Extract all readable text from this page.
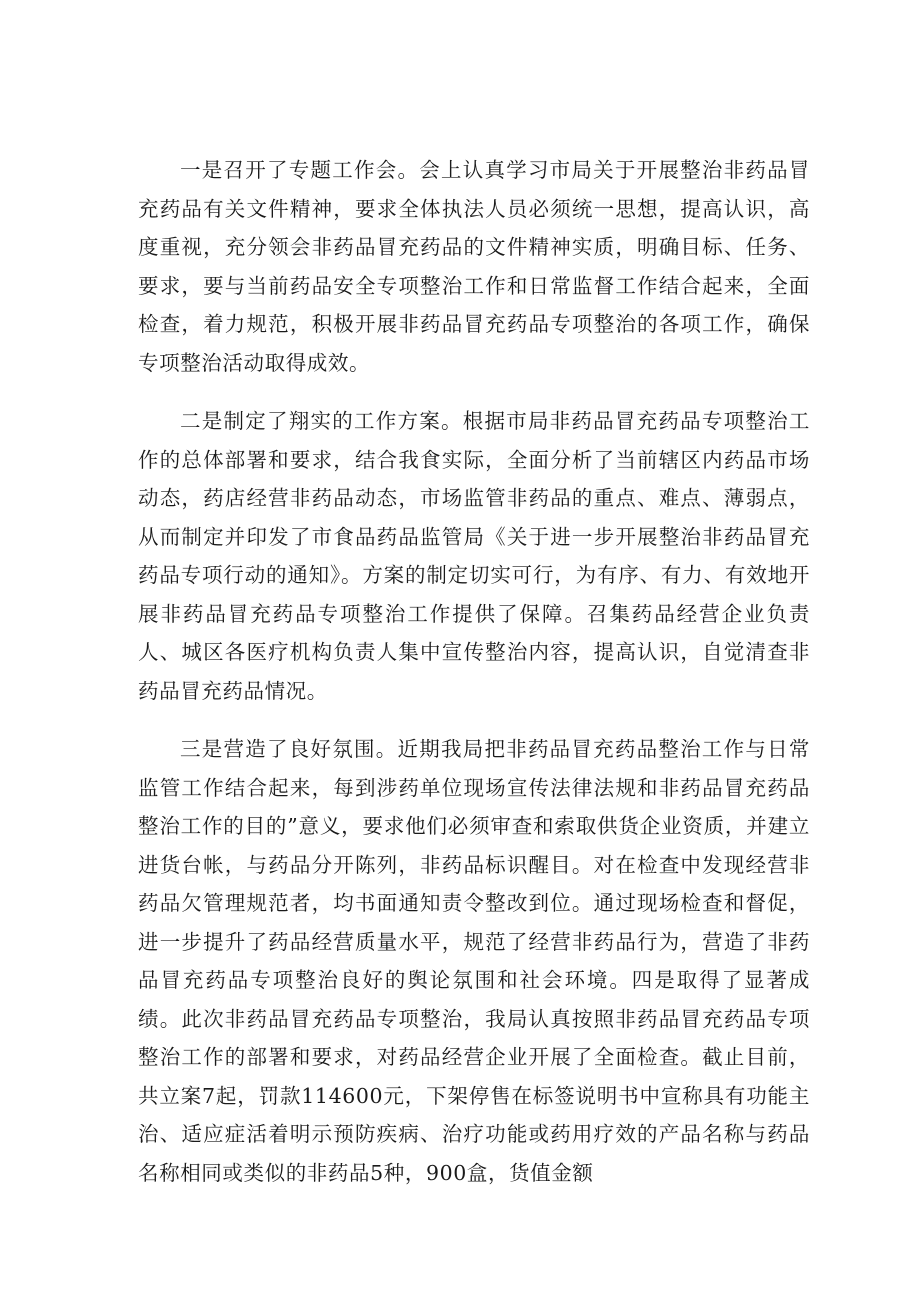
一是召开了专题工作会。会上认真学习市局关于开展整治非药品冒充药品有关文件精神，要求全体执法人员必须统一思想，提高认识，高度重视，充分领会非药品冒充药品的文件精神实质，明确目标、任务、要求，要与当前药品安全专项整治工作和日常监督工作结合起来，全面检查，着力规范，积极开展非药品冒充药品专项整治的各项工作，确保专项整治活动取得成效。

二是制定了翔实的工作方案。根据市局非药品冒充药品专项整治工作的总体部署和要求，结合我食实际，全面分析了当前辖区内药品市场动态，药店经营非药品动态，市场监管非药品的重点、难点、薄弱点，从而制定并印发了市食品药品监管局《关于进一步开展整治非药品冒充药品专项行动的通知》。方案的制定切实可行，为有序、有力、有效地开展非药品冒充药品专项整治工作提供了保障。召集药品经营企业负责人、城区各医疗机构负责人集中宣传整治内容，提高认识，自觉清查非药品冒充药品情况。

三是营造了良好氛围。近期我局把非药品冒充药品整治工作与日常监管工作结合起来，每到涉药单位现场宣传法律法规和非药品冒充药品整治工作的目的”意义，要求他们必须审查和索取供货企业资质，并建立进货台帐，与药品分开陈列，非药品标识醒目。对在检查中发现经营非药品欠管理规范者，均书面通知责令整改到位。通过现场检查和督促，进一步提升了药品经营质量水平，规范了经营非药品行为，营造了非药品冒充药品专项整治良好的舆论氛围和社会环境。四是取得了显著成绩。此次非药品冒充药品专项整治，我局认真按照非药品冒充药品专项整治工作的部署和要求，对药品经营企业开展了全面检查。截止目前，共立案7起，罚款114600元，下架停售在标签说明书中宣称具有功能主治、适应症活着明示预防疾病、治疗功能或药用疗效的产品名称与药品名称相同或类似的非药品5种，900盒，货值金额
